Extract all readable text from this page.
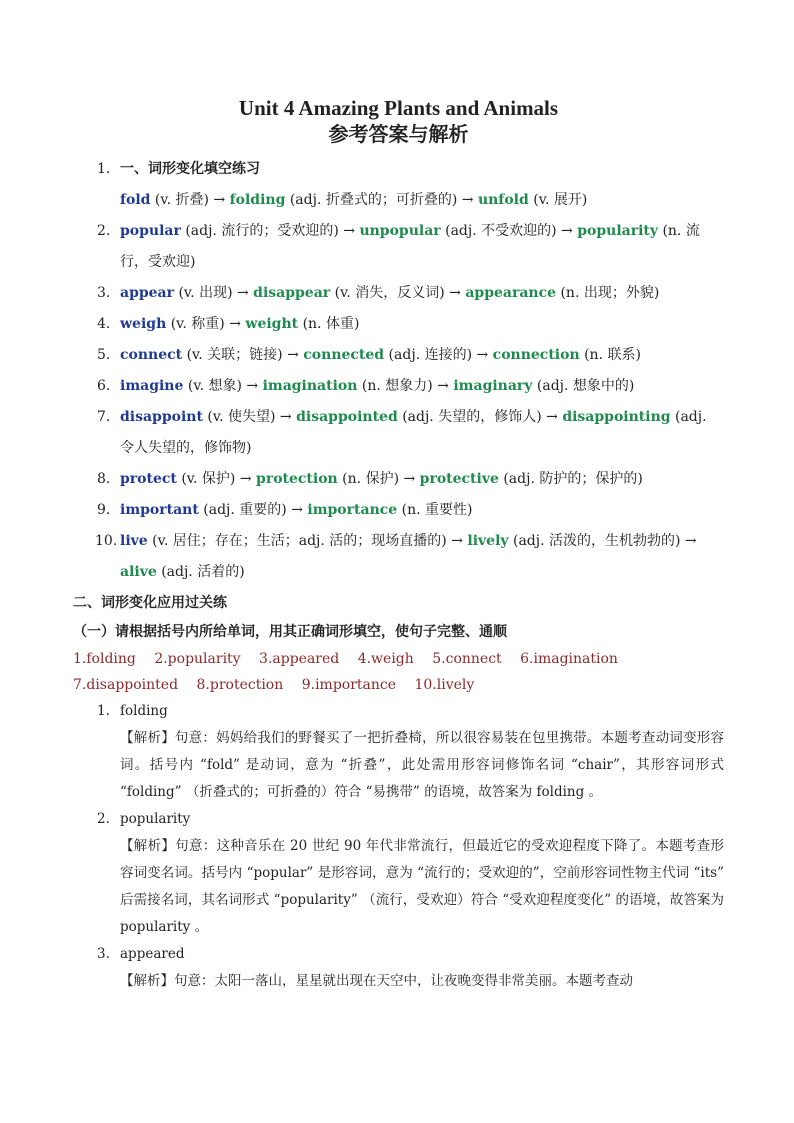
Unit 4 Amazing Plants and Animals
参考答案与解析
1. 一、词形变化填空练习
fold (v. 折叠) → folding (adj. 折叠式的；可折叠的) → unfold (v. 展开)
2. popular (adj. 流行的；受欢迎的) → unpopular (adj. 不受欢迎的) → popularity (n. 流行，受欢迎)
3. appear (v. 出现) → disappear (v. 消失，反义词) → appearance (n. 出现；外貌)
4. weigh (v. 称重) → weight (n. 体重)
5. connect (v. 关联；链接) → connected (adj. 连接的) → connection (n. 联系)
6. imagine (v. 想象) → imagination (n. 想象力) → imaginary (adj. 想象中的)
7. disappoint (v. 使失望) → disappointed (adj. 失望的，修饰人) → disappointing (adj. 令人失望的，修饰物)
8. protect (v. 保护) → protection (n. 保护) → protective (adj. 防护的；保护的)
9. important (adj. 重要的) → importance (n. 重要性)
10. live (v. 居住；存在；生活；adj. 活的；现场直播的) → lively (adj. 活泼的，生机勃勃的) → alive (adj. 活着的)
二、词形变化应用过关练
（一）请根据括号内所给单词，用其正确词形填空，使句子完整、通顺
1.folding 2.popularity 3.appeared 4.weigh 5.connect 6.imagination 7.disappointed 8.protection 9.importance 10.lively
1. folding
【解析】句意：妈妈给我们的野餐买了一把折叠椅，所以很容易装在包里携带。本题考查动词变形容词。括号内 “fold” 是动词，意为 “折叠”，此处需用形容词修饰名词 “chair”，其形容词形式 “folding” （折叠式的；可折叠的）符合 “易携带” 的语境，故答案为 folding 。
2. popularity
【解析】句意：这种音乐在 20 世纪 90 年代非常流行，但最近它的受欢迎程度下降了。本题考查形容词变名词。括号内 “popular” 是形容词，意为 “流行的；受欢迎的”，空前形容词性物主代词 “its” 后需接名词，其名词形式 “popularity” （流行，受欢迎）符合 “受欢迎程度变化” 的语境，故答案为 popularity 。
3. appeared
【解析】句意：太阳一落山，星星就出现在天空中，让夜晚变得非常美丽。本题考查动
